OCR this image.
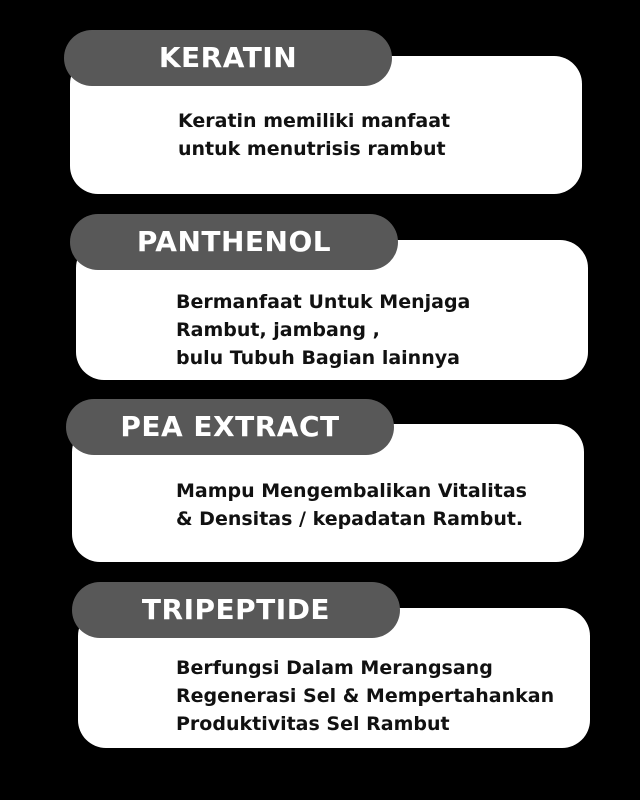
KERATIN
Keratin memiliki manfaat
untuk menutrisis rambut
PANTHENOL
Bermanfaat Untuk Menjaga
Rambut, jambang ,
bulu Tubuh Bagian lainnya
PEA EXTRACT
Mampu Mengembalikan Vitalitas
& Densitas / kepadatan Rambut.
TRIPEPTIDE
Berfungsi Dalam Merangsang
Regenerasi Sel & Mempertahankan
Produktivitas Sel Rambut
